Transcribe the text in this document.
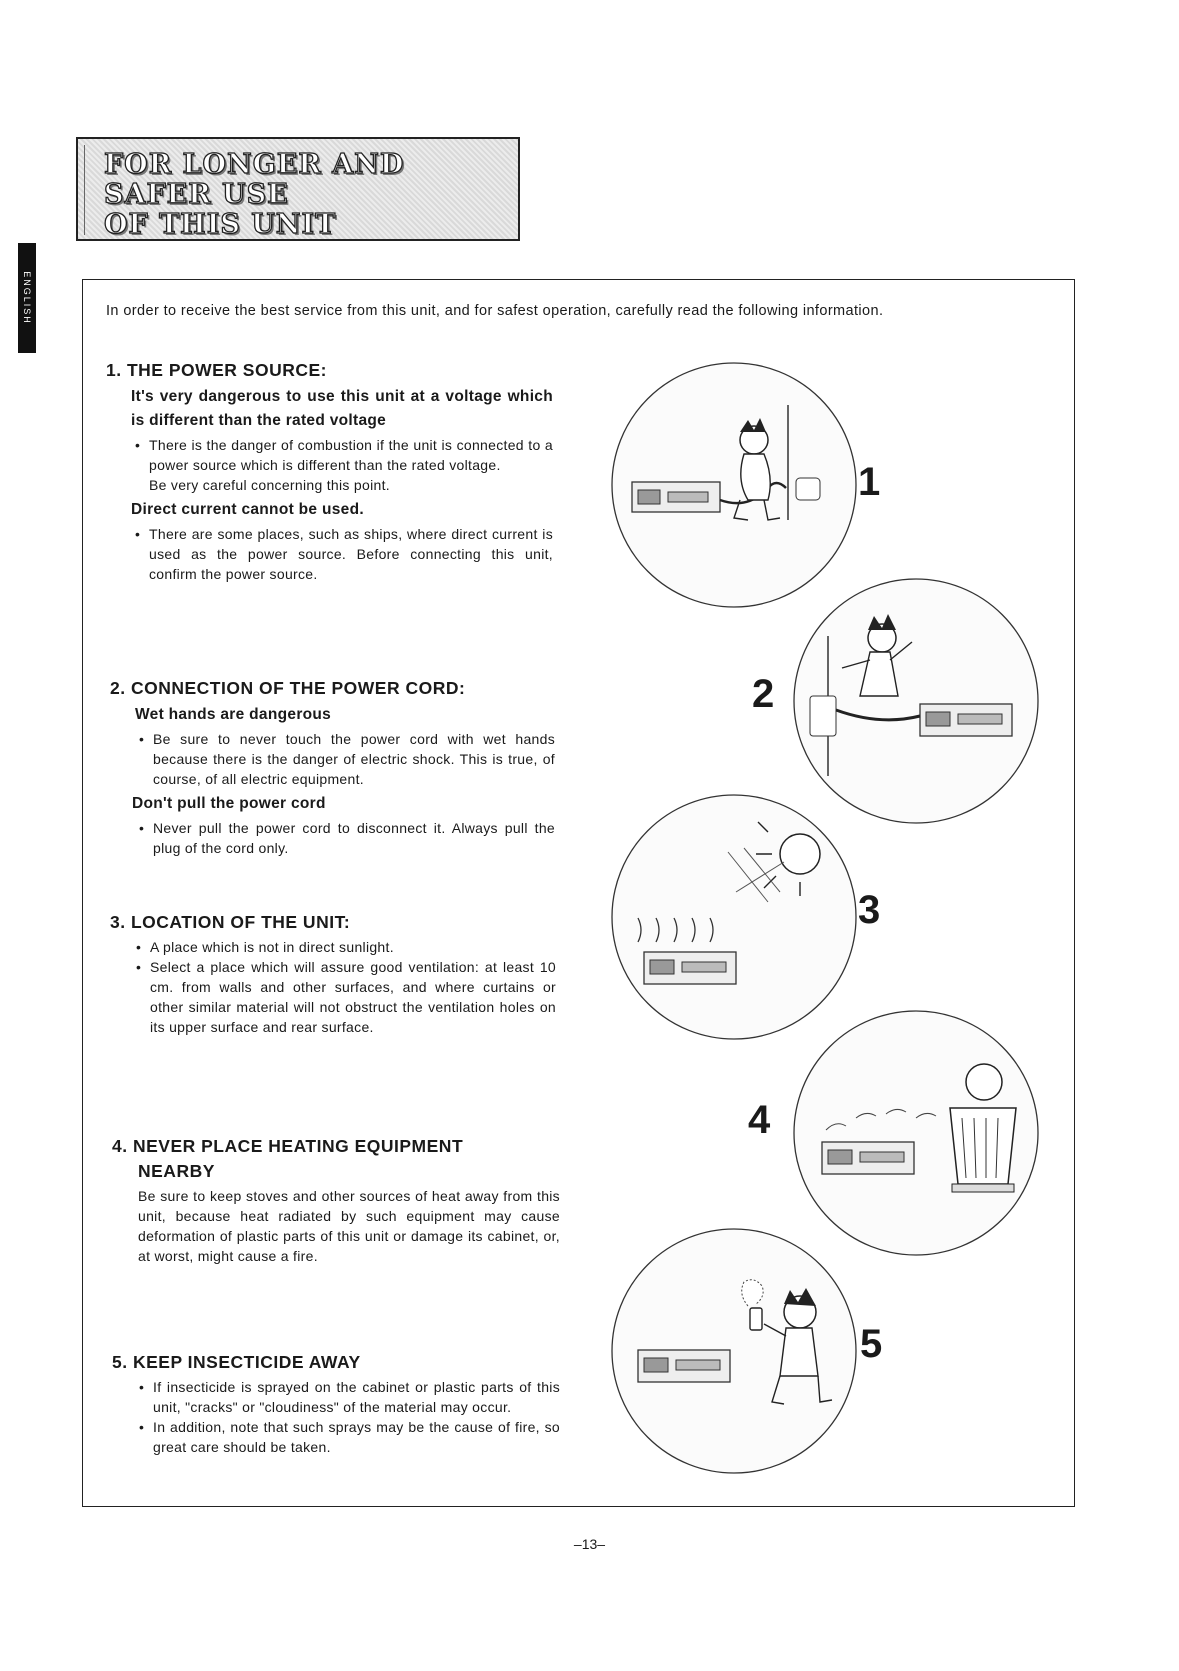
FOR LONGER AND
SAFER USE
OF THIS UNIT
ENGLISH	In order to receive the best service from this unit, and for safest operation, carefully read the following information.
1. THE POWER SOURCE:
It's very dangerous to use this unit at a voltage which is different than the rated voltage
• There is the danger of combustion if the unit is connected to a power source which is different than the rated voltage.
Be very careful concerning this point.
Direct current cannot be used.
• There are some places, such as ships, where direct current is used as the power source. Before connecting this unit, confirm the power source.
2. CONNECTION OF THE POWER CORD:
Wet hands are dangerous
• Be sure to never touch the power cord with wet hands because there is the danger of electric shock. This is true, of course, of all electric equipment.
Don't pull the power cord
• Never pull the power cord to disconnect it. Always pull the plug of the cord only.
3. LOCATION OF THE UNIT:
• A place which is not in direct sunlight.
• Select a place which will assure good ventilation: at least 10 cm. from walls and other surfaces, and where curtains or other similar material will not obstruct the ventilation holes on its upper surface and rear surface.
4. NEVER PLACE HEATING EQUIPMENT
NEARBY
Be sure to keep stoves and other sources of heat away from this unit, because heat radiated by such equipment may cause deformation of plastic parts of this unit or damage its cabinet, or, at worst, might cause a fire.
5. KEEP INSECTICIDE AWAY
• If insecticide is sprayed on the cabinet or plastic parts of this unit, "cracks" or "cloudiness" of the material may occur.
• In addition, note that such sprays may be the cause of fire, so great care should be taken.
1
2
3
4
5
–13–
